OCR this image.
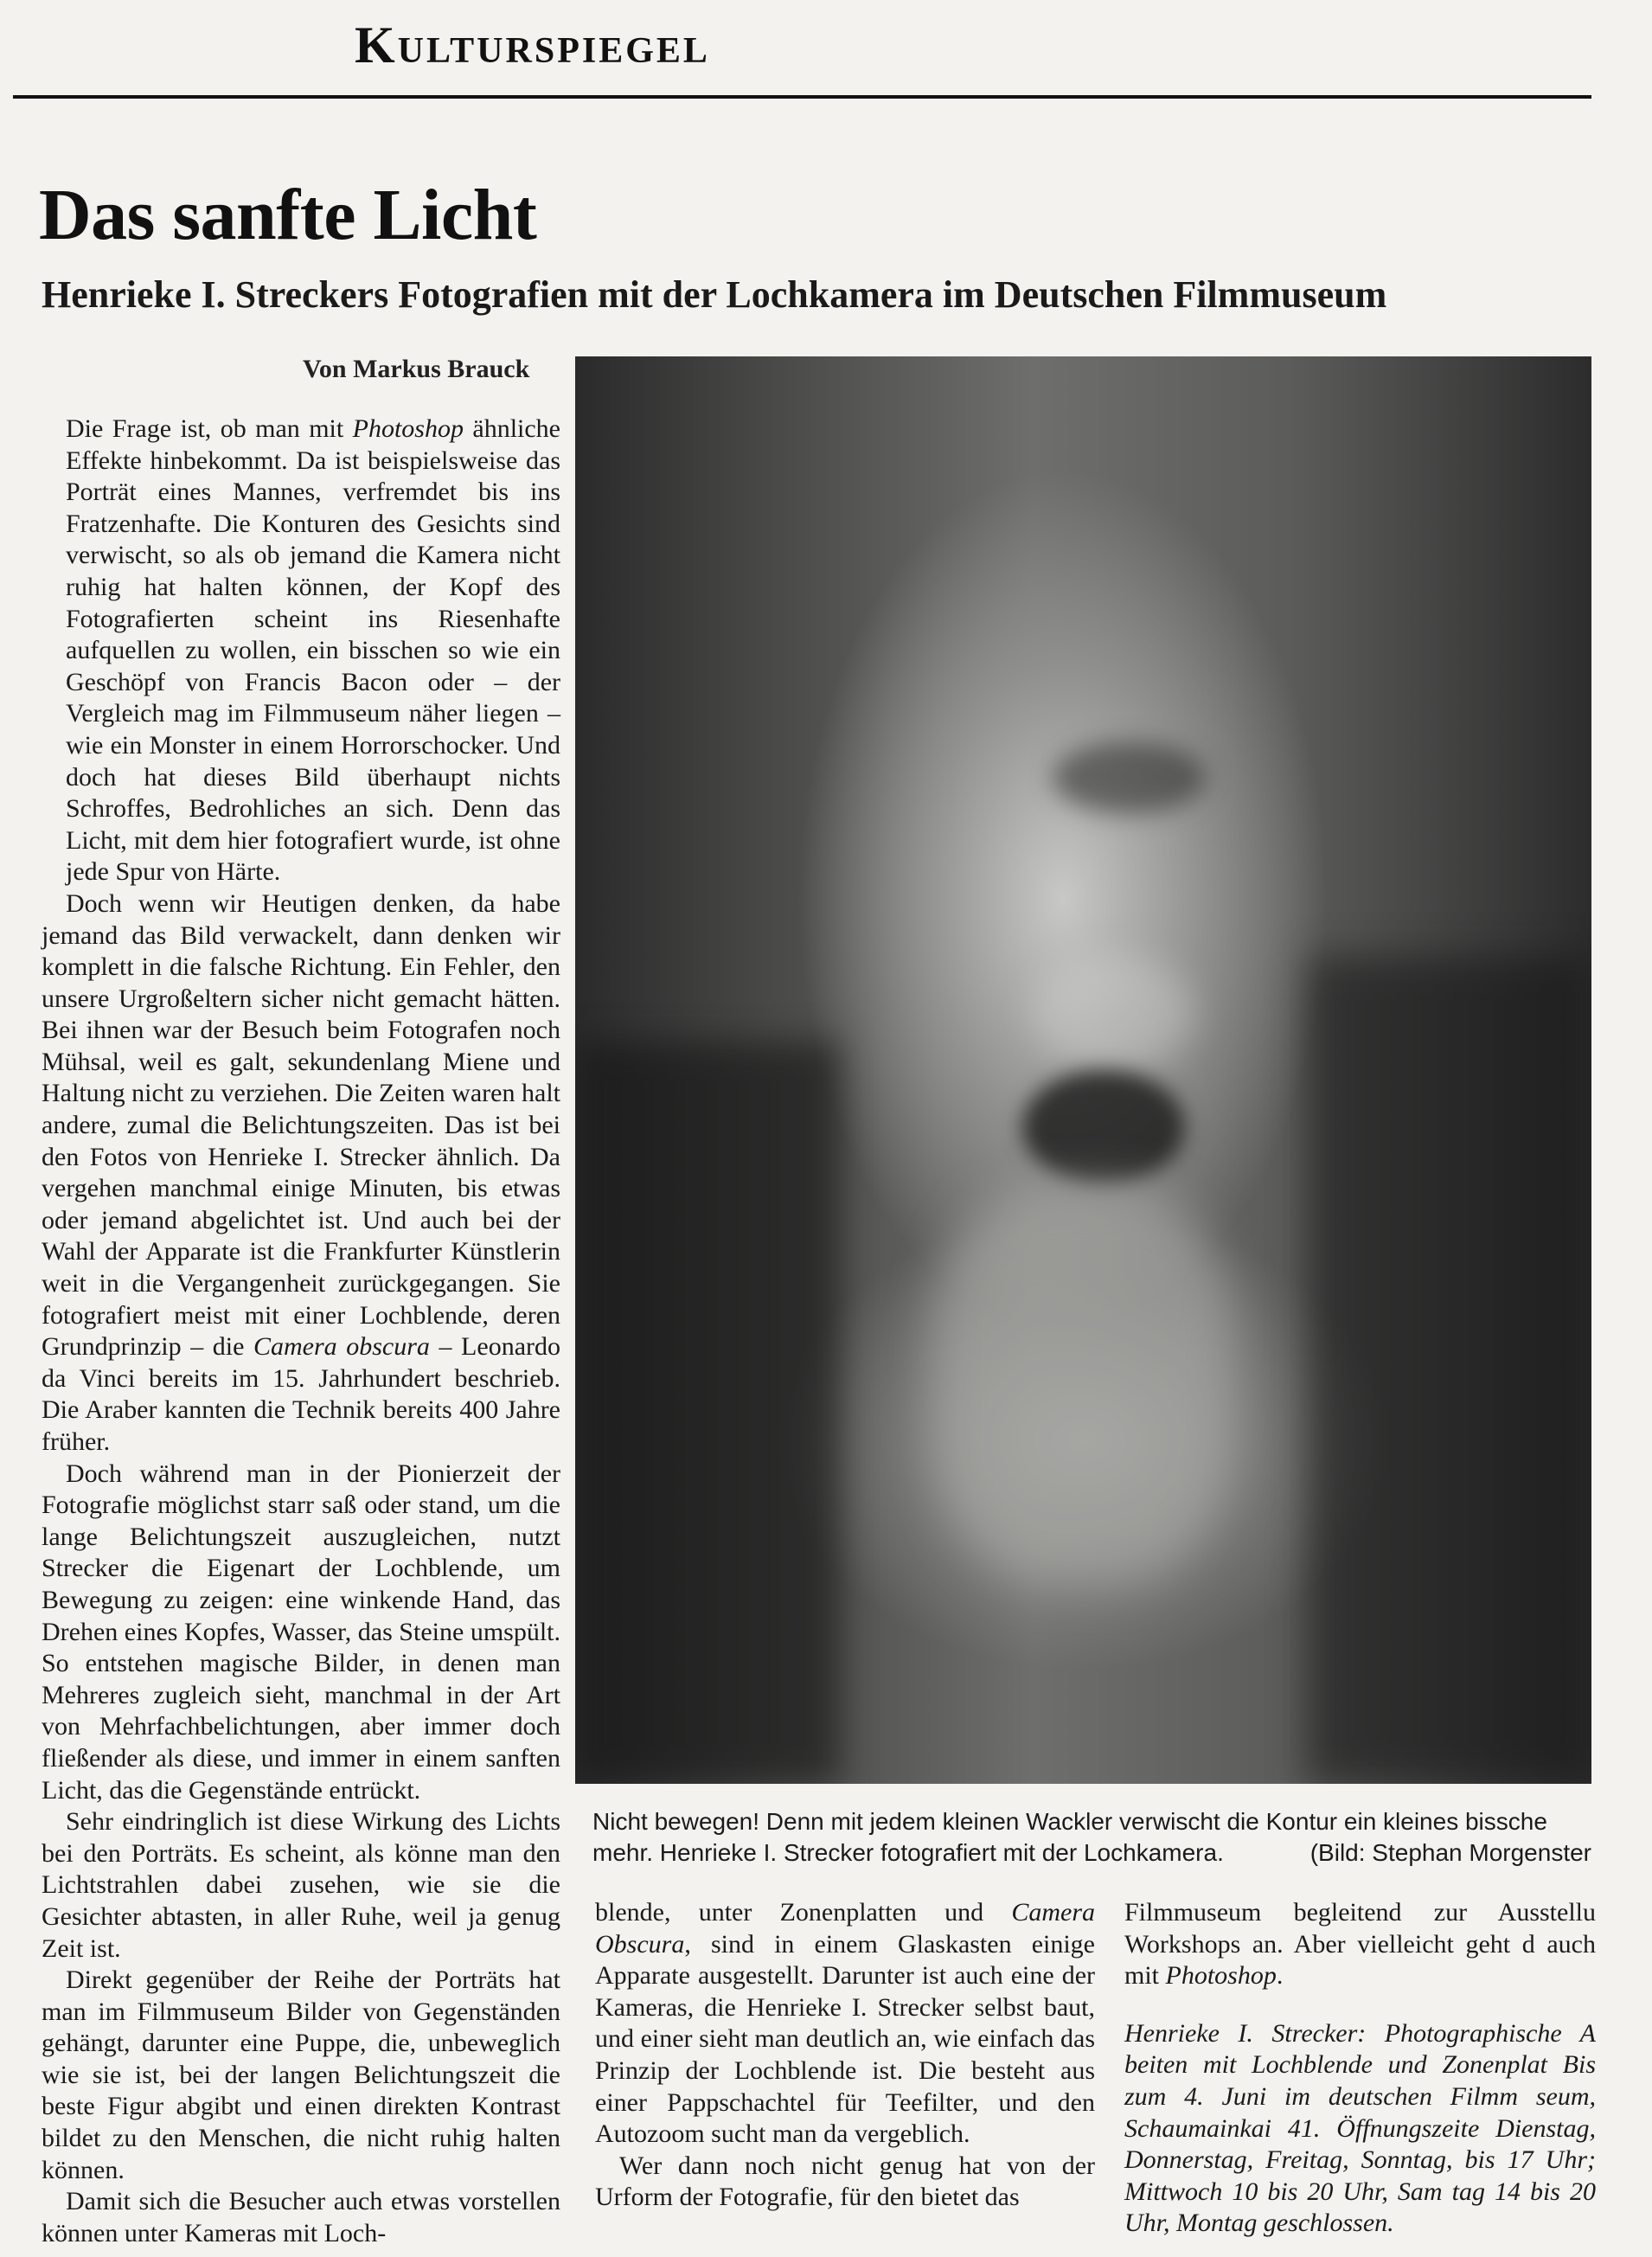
Kulturspiegel
Das sanfte Licht
Henrieke I. Streckers Fotografien mit der Lochkamera im Deutschen Filmmuseum
Von Markus Brauck

Die Frage ist, ob man mit Photoshop ähnliche Effekte hinbekommt. Da ist beispielsweise das Porträt eines Mannes, verfremdet bis ins Fratzenhafte. Die Konturen des Gesichts sind verwischt, so als ob jemand die Kamera nicht ruhig hat halten können, der Kopf des Fotografierten scheint ins Riesenhafte aufquellen zu wollen, ein bisschen so wie ein Geschöpf von Francis Bacon oder – der Vergleich mag im Filmmuseum näher liegen – wie ein Monster in einem Horrorschocker. Und doch hat dieses Bild überhaupt nichts Schroffes, Bedrohliches an sich. Denn das Licht, mit dem hier fotografiert wurde, ist ohne jede Spur von Härte.

Doch wenn wir Heutigen denken, da habe jemand das Bild verwackelt, dann denken wir komplett in die falsche Richtung. Ein Fehler, den unsere Urgroßeltern sicher nicht gemacht hätten. Bei ihnen war der Besuch beim Fotografen noch Mühsal, weil es galt, sekundenlang Miene und Haltung nicht zu verziehen. Die Zeiten waren halt andere, zumal die Belichtungszeiten. Das ist bei den Fotos von Henrieke I. Strecker ähnlich. Da vergehen manchmal einige Minuten, bis etwas oder jemand abgelichtet ist. Und auch bei der Wahl der Apparate ist die Frankfurter Künstlerin weit in die Vergangenheit zurückgegangen. Sie fotografiert meist mit einer Lochblende, deren Grundprinzip – die Camera obscura – Leonardo da Vinci bereits im 15. Jahrhundert beschrieb. Die Araber kannten die Technik bereits 400 Jahre früher.

Doch während man in der Pionierzeit der Fotografie möglichst starr saß oder stand, um die lange Belichtungszeit auszugleichen, nutzt Strecker die Eigenart der Lochblende, um Bewegung zu zeigen: eine winkende Hand, das Drehen eines Kopfes, Wasser, das Steine umspült. So entstehen magische Bilder, in denen man Mehreres zugleich sieht, manchmal in der Art von Mehrfachbelichtungen, aber immer doch fließender als diese, und immer in einem sanften Licht, das die Gegenstände entrückt.

Sehr eindringlich ist diese Wirkung des Lichts bei den Porträts. Es scheint, als könne man den Lichtstrahlen dabei zusehen, wie sie die Gesichter abtasten, in aller Ruhe, weil ja genug Zeit ist.

Direkt gegenüber der Reihe der Porträts hat man im Filmmuseum Bilder von Gegenständen gehängt, darunter eine Puppe, die, unbeweglich wie sie ist, bei der langen Belichtungszeit die beste Figur abgibt und einen direkten Kontrast bildet zu den Menschen, die nicht ruhig halten können.

Damit sich die Besucher auch etwas vorstellen können unter Kameras mit Loch-

Nicht bewegen! Denn mit jedem kleinen Wackler verwischt die Kontur ein kleines bissche
mehr. Henrieke I. Strecker fotografiert mit der Lochkamera.	(Bild: Stephan Morgenster

blende, unter Zonenplatten und Camera Obscura, sind in einem Glaskasten einige Apparate ausgestellt. Darunter ist auch eine der Kameras, die Henrieke I. Strecker selbst baut, und einer sieht man deutlich an, wie einfach das Prinzip der Lochblende ist. Die besteht aus einer Pappschachtel für Teefilter, und den Autozoom sucht man da vergeblich.

Wer dann noch nicht genug hat von der Urform der Fotografie, für den bietet das

Filmmuseum begleitend zur Ausstellu Workshops an. Aber vielleicht geht d auch mit Photoshop.

Henrieke I. Strecker: Photographische A beiten mit Lochblende und Zonenplat Bis zum 4. Juni im deutschen Filmm seum, Schaumainkai 41. Öffnungszeite Dienstag, Donnerstag, Freitag, Sonntag, bis 17 Uhr; Mittwoch 10 bis 20 Uhr, Sam tag 14 bis 20 Uhr, Montag geschlossen.
